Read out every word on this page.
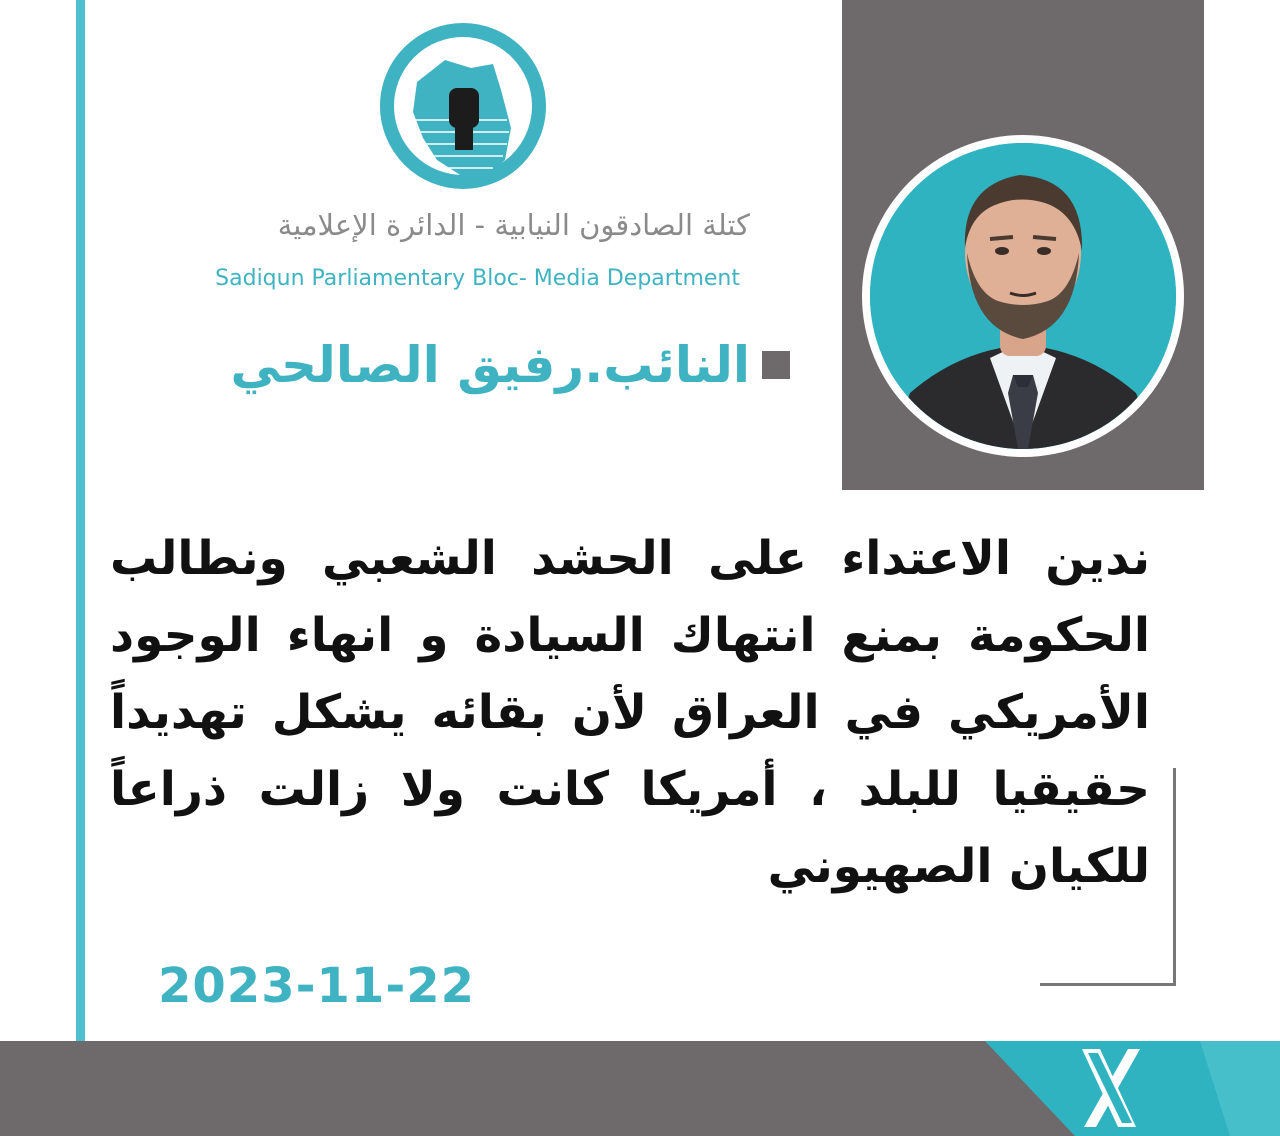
كتلة الصادقون النيابية - الدائرة الإعلامية
Sadiqun Parliamentary Bloc- Media Department
النائب.رفيق الصالحي
ندين الاعتداء على الحشد الشعبي ونطالب الحكومة بمنع انتهاك السيادة و انهاء الوجود الأمريكي في العراق لأن بقائه يشكل تهديداً حقيقيا للبلد ، أمريكا كانت ولا زالت ذراعاً للكيان الصهيوني
2023-11-22
